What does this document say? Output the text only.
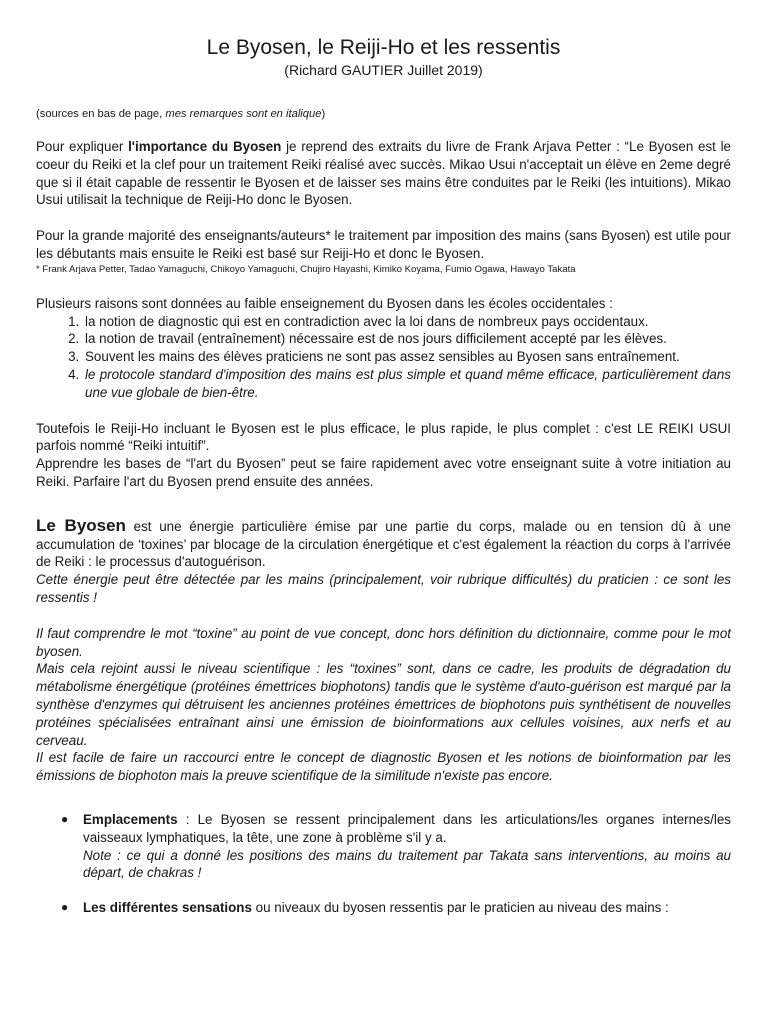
Le Byosen, le Reiji-Ho et les ressentis

(Richard GAUTIER Juillet 2019)

(sources en bas de page, mes remarques sont en italique)

Pour expliquer l'importance du Byosen je reprend des extraits du livre de Frank Arjava Petter : “Le Byosen est le coeur du Reiki et la clef pour un traitement Reiki réalisé avec succès. Mikao Usui n'acceptait un élève en 2eme degré que si il était capable de ressentir le Byosen et de laisser ses mains être conduites par le Reiki (les intuitions). Mikao Usui utilisait la technique de Reiji-Ho donc le Byosen.

Pour la grande majorité des enseignants/auteurs* le traitement par imposition des mains (sans Byosen) est utile pour les débutants mais ensuite le Reiki est basé sur Reiji-Ho et donc le Byosen.

* Frank Arjava Petter, Tadao Yamaguchi, Chikoyo Yamaguchi, Chujiro Hayashi, Kimiko Koyama, Fumio Ogawa, Hawayo Takata

Plusieurs raisons sont données au faible enseignement du Byosen dans les écoles occidentales :

1. la notion de diagnostic qui est en contradiction avec la loi dans de nombreux pays occidentaux.
2. la notion de travail (entraînement) nécessaire est de nos jours difficilement accepté par les élèves.
3. Souvent les mains des élèves praticiens ne sont pas assez sensibles au Byosen sans entraînement.
4. le protocole standard d'imposition des mains est plus simple et quand même efficace, particulièrement dans une vue globale de bien-être.

Toutefois le Reiji-Ho incluant le Byosen est le plus efficace, le plus rapide, le plus complet : c'est LE REIKI USUI parfois nommé “Reiki intuitif”.

Apprendre les bases de “l'art du Byosen” peut se faire rapidement avec votre enseignant suite à votre initiation au Reiki. Parfaire l'art du Byosen prend ensuite des années.

Le Byosen est une énergie particulière émise par une partie du corps, malade ou en tension dû à une accumulation de ‘toxines’ par blocage de la circulation énergétique et c'est également la réaction du corps à l'arrivée de Reiki : le processus d'autoguérison.

Cette énergie peut être détectée par les mains (principalement, voir rubrique difficultés) du praticien : ce sont les ressentis !

Il faut comprendre le mot “toxine” au point de vue concept, donc hors définition du dictionnaire, comme pour le mot byosen.

Mais cela rejoint aussi le niveau scientifique : les “toxines” sont, dans ce cadre, les produits de dégradation du métabolisme énergétique (protéines émettrices biophotons) tandis que le système d'auto-guérison est marqué par la synthèse d'enzymes qui détruisent les anciennes protéines émettrices de biophotons puis synthétisent de nouvelles protéines spécialisées entraînant ainsi une émission de bioinformations aux cellules voisines, aux nerfs et au cerveau.

Il est facile de faire un raccourci entre le concept de diagnostic Byosen et les notions de bioinformation par les émissions de biophoton mais la preuve scientifique de la similitude n'existe pas encore.

● Emplacements : Le Byosen se ressent principalement dans les articulations/les organes internes/les vaisseaux lymphatiques, la tête, une zone à problème s'il y a.
Note : ce qui a donné les positions des mains du traitement par Takata sans interventions, au moins au départ, de chakras !
● Les différentes sensations ou niveaux du byosen ressentis par le praticien au niveau des mains :
